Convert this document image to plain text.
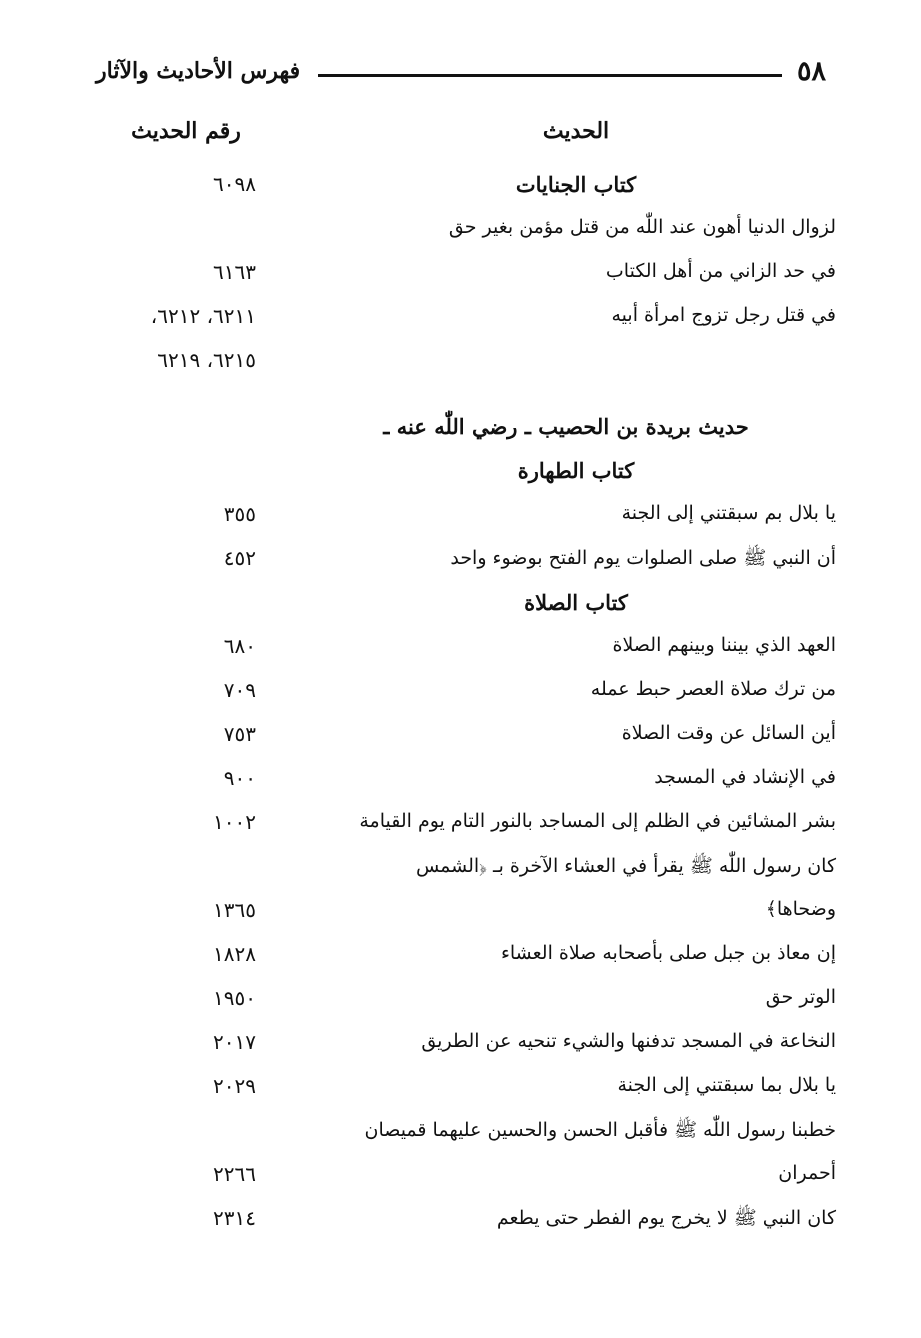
٥٨
فهرس الأحاديث والآثار
الحديث
رقم الحديث
كتاب الجنايات
٦٠٩٨
لزوال الدنيا أهون عند اللّٰه من قتل مؤمن بغير حق
في حد الزاني من أهل الكتاب
٦١٦٣
في قتل رجل تزوج امرأة أبيه
٦٢١١، ٦٢١٢،
٦٢١٥، ٦٢١٩
حديث بريدة بن الحصيب ـ رضي اللّٰه عنه ـ
كتاب الطهارة
يا بلال بم سبقتني إلى الجنة
٣٥٥
أن النبي ﷺ صلى الصلوات يوم الفتح بوضوء واحد
٤٥٢
كتاب الصلاة
العهد الذي بيننا وبينهم الصلاة
٦٨٠
من ترك صلاة العصر حبط عمله
٧٠٩
أين السائل عن وقت الصلاة
٧٥٣
في الإنشاد في المسجد
٩٠٠
بشر المشائين في الظلم إلى المساجد بالنور التام يوم القيامة
١٠٠٢
كان رسول اللّٰه ﷺ يقرأ في العشاء الآخرة بـ ﴿الشمس
وضحاها﴾
١٣٦٥
إن معاذ بن جبل صلى بأصحابه صلاة العشاء
١٨٢٨
الوتر حق
١٩٥٠
النخاعة في المسجد تدفنها والشيء تنحيه عن الطريق
٢٠١٧
يا بلال بما سبقتني إلى الجنة
٢٠٢٩
خطبنا رسول اللّٰه ﷺ فأقبل الحسن والحسين عليهما قميصان
أحمران
٢٢٦٦
كان النبي ﷺ لا يخرج يوم الفطر حتى يطعم
٢٣١٤
